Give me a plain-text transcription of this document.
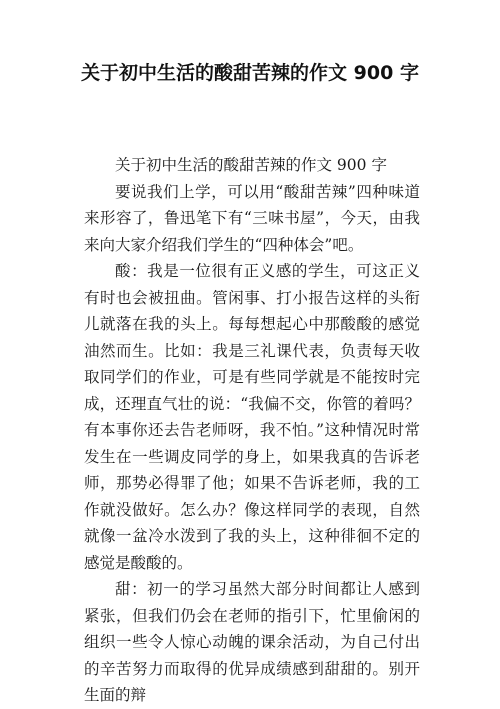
关于初中生活的酸甜苦辣的作文 900 字

关于初中生活的酸甜苦辣的作文 900 字

要说我们上学，可以用“酸甜苦辣”四种味道来形容了，鲁迅笔下有“三味书屋”，今天，由我来向大家介绍我们学生的“四种体会”吧。

酸：我是一位很有正义感的学生，可这正义有时也会被扭曲。管闲事、打小报告这样的头衔儿就落在我的头上。每每想起心中那酸酸的感觉油然而生。比如：我是三礼课代表，负责每天收取同学们的作业，可是有些同学就是不能按时完成，还理直气壮的说：“我偏不交，你管的着吗？有本事你还去告老师呀，我不怕。”这种情况时常发生在一些调皮同学的身上，如果我真的告诉老师，那势必得罪了他；如果不告诉老师，我的工作就没做好。怎么办？像这样同学的表现，自然就像一盆冷水泼到了我的头上，这种徘徊不定的感觉是酸酸的。

甜：初一的学习虽然大部分时间都让人感到紧张，但我们仍会在老师的指引下，忙里偷闲的组织一些令人惊心动魄的课余活动，为自己付出的辛苦努力而取得的优异成绩感到甜甜的。别开生面的辩
